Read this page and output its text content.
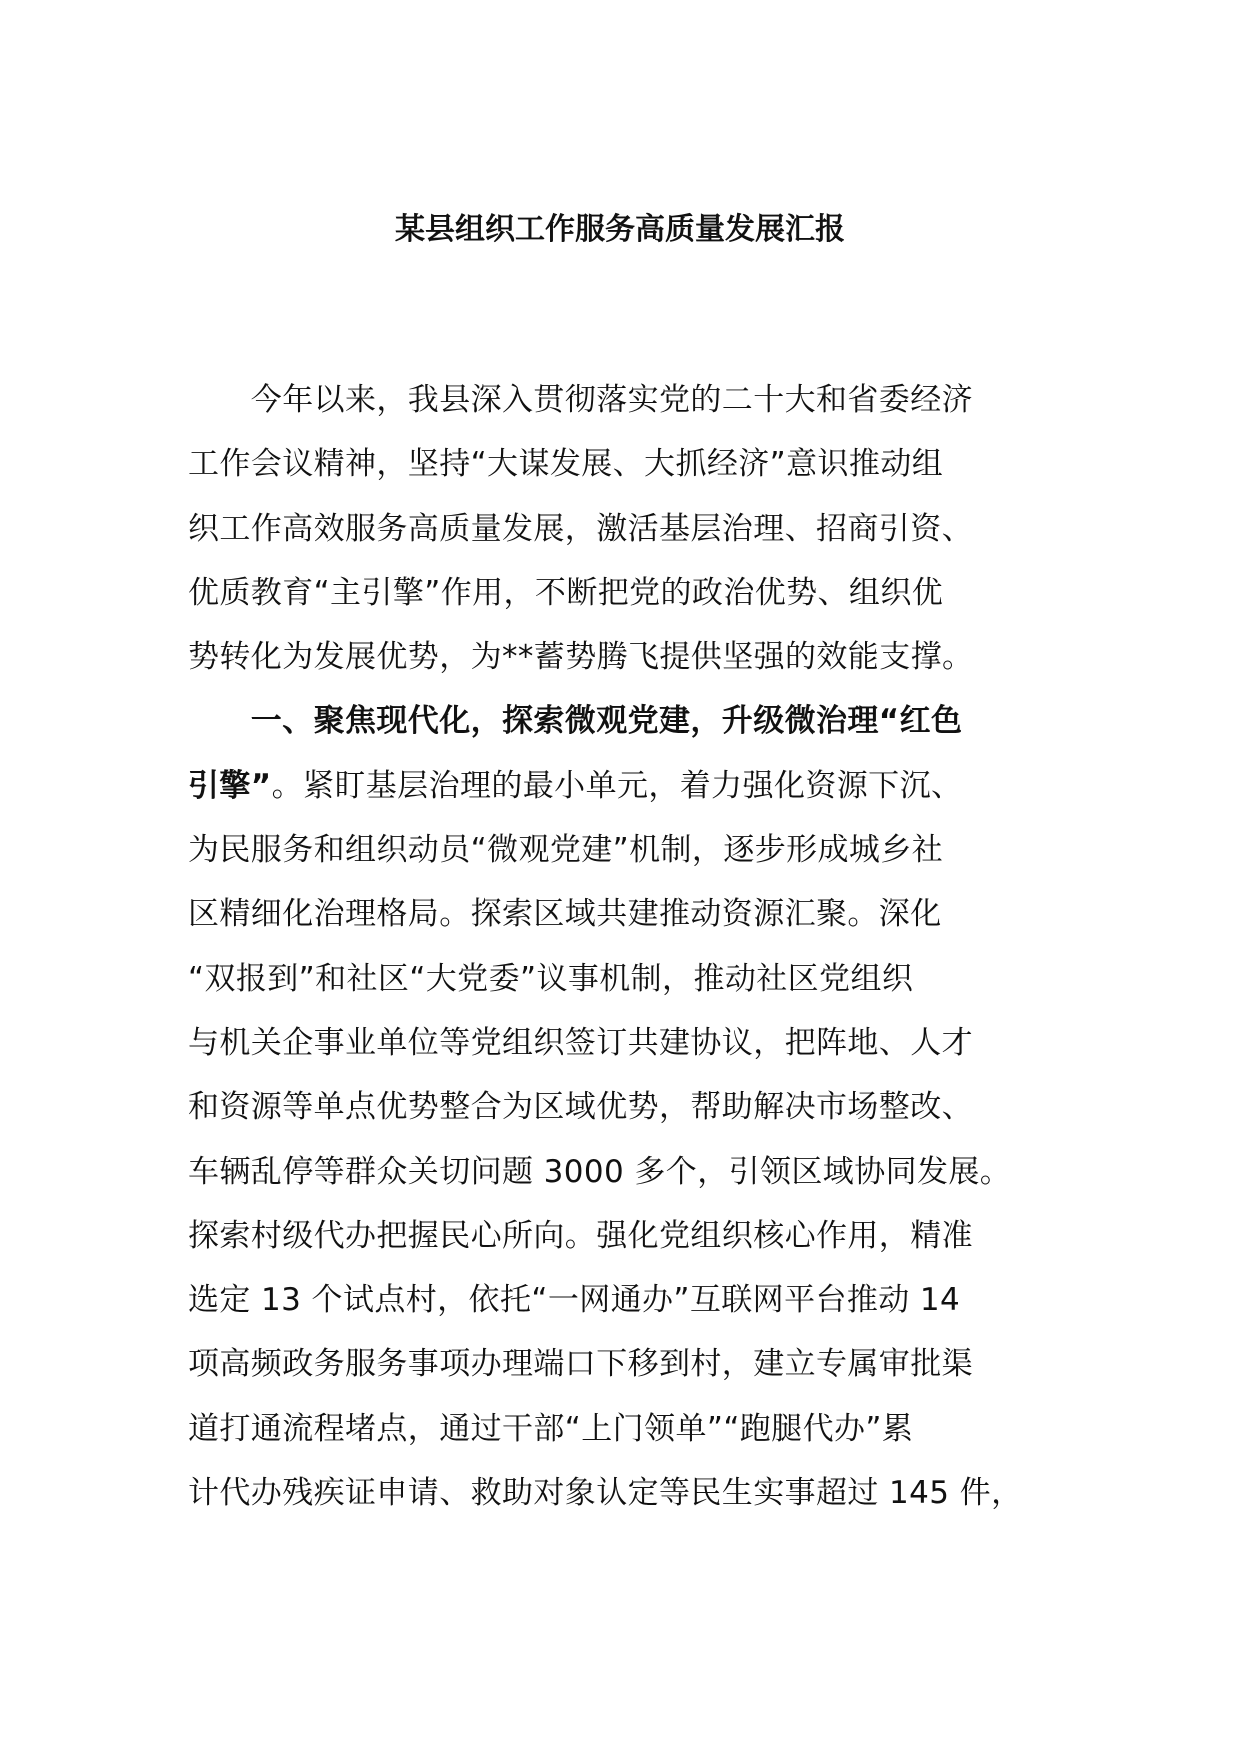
某县组织工作服务高质量发展汇报
　　今年以来，我县深入贯彻落实党的二十大和省委经济
工作会议精神，坚持“大谋发展、大抓经济”意识推动组
织工作高效服务高质量发展，激活基层治理、招商引资、
优质教育“主引擎”作用，不断把党的政治优势、组织优
势转化为发展优势，为**蓄势腾飞提供坚强的效能支撑。
　　一、聚焦现代化，探索微观党建，升级微治理“红色
引擎”。紧盯基层治理的最小单元，着力强化资源下沉、
为民服务和组织动员“微观党建”机制，逐步形成城乡社
区精细化治理格局。探索区域共建推动资源汇聚。深化
“双报到”和社区“大党委”议事机制，推动社区党组织
与机关企事业单位等党组织签订共建协议，把阵地、人才
和资源等单点优势整合为区域优势，帮助解决市场整改、
车辆乱停等群众关切问题 3000 多个，引领区域协同发展。
探索村级代办把握民心所向。强化党组织核心作用，精准
选定 13 个试点村，依托“一网通办”互联网平台推动 14
项高频政务服务事项办理端口下移到村，建立专属审批渠
道打通流程堵点，通过干部“上门领单”“跑腿代办”累
计代办残疾证申请、救助对象认定等民生实事超过 145 件，
